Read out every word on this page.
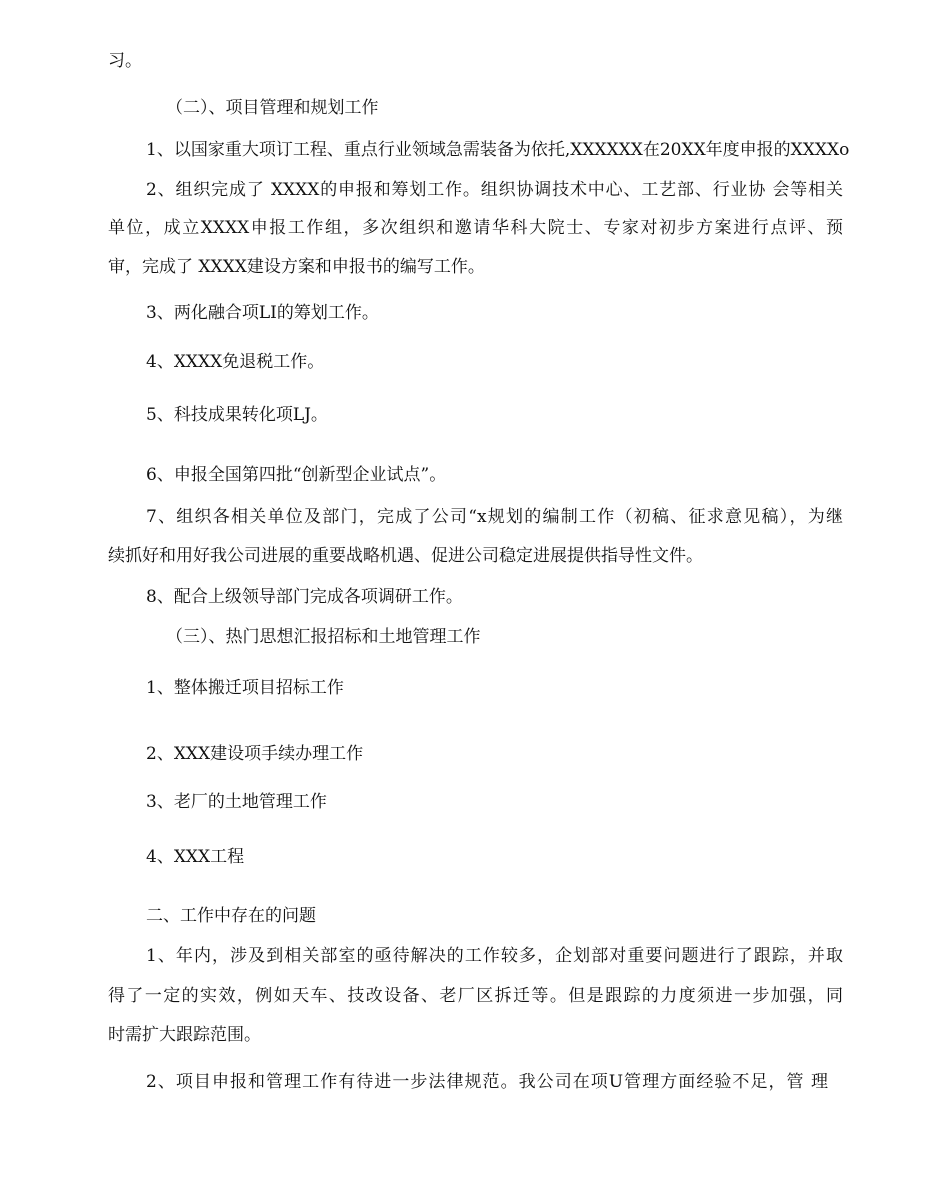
习。
（二）、项目管理和规划工作
1、以国家重大项订工程、重点行业领域急需装备为依托,XXXXXX在20XX年度申报的XXXXo
2、组织完成了 XXXX的申报和筹划工作。组织协调技术中心、工艺部、行业协 会等相关
单位，成立XXXX申报工作组，多次组织和邀请华科大院士、专家对初步方案进行点评、预
审，完成了 XXXX建设方案和申报书的编写工作。
3、两化融合项LI的筹划工作。
4、XXXX免退税工作。
5、科技成果转化项LJ。
6、申报全国第四批“创新型企业试点”。
7、组织各相关单位及部门，完成了公司“x规划的编制工作（初稿、征求意见稿），为继
续抓好和用好我公司进展的重要战略机遇、促进公司稳定进展提供指导性文件。
8、配合上级领导部门完成各项调研工作。
（三）、热门思想汇报招标和土地管理工作
1、整体搬迁项目招标工作
2、XXX建设项手续办理工作
3、老厂的土地管理工作
4、XXX工程
二、工作中存在的问题
1、年内，涉及到相关部室的亟待解决的工作较多，企划部对重要问题进行了跟踪，并取
得了一定的实效，例如天车、技改设备、老厂区拆迁等。但是跟踪的力度须进一步加强，同
时需扩大跟踪范围。
2、项目申报和管理工作有待进一步法律规范。我公司在项U管理方面经验不足，管 理
